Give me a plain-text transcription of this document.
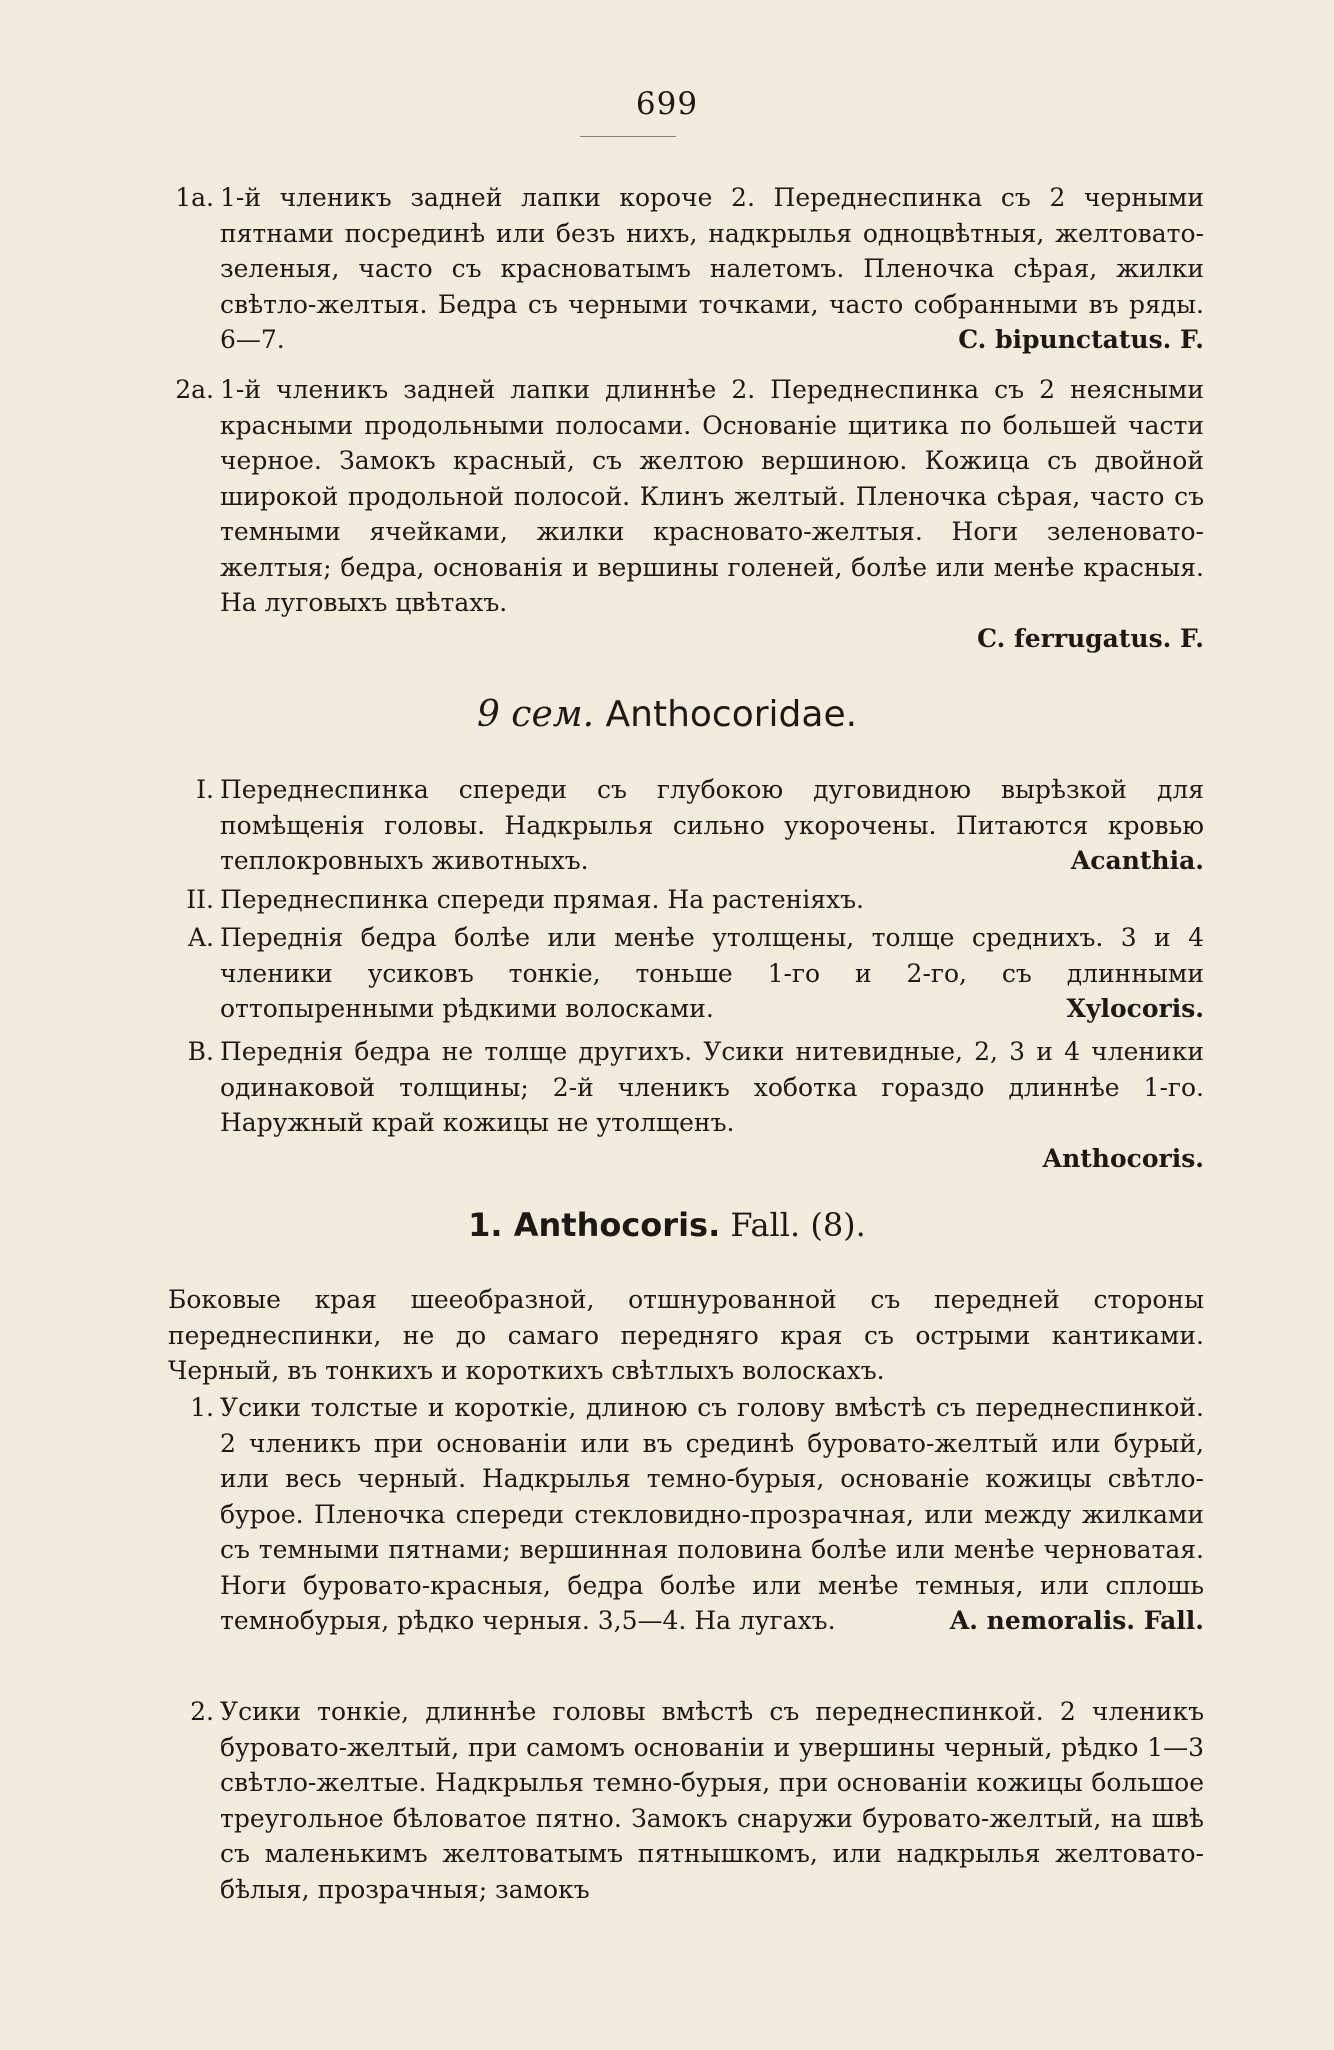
699

1a. 1-й членикъ задней лапки короче 2. Переднеспинка съ 2 черными пятнами посрединѣ или безъ нихъ, надкрылья одноцвѣтныя, желтовато-зеленыя, часто съ красноватымъ налетомъ. Пленочка сѣрая, жилки свѣтло-желтыя. Бедра съ черными точками, часто собранными въ ряды. 6—7.	C. bipunctatus. F.

2a. 1-й членикъ задней лапки длиннѣе 2. Переднеспинка съ 2 неясными красными продольными полосами. Основаніе щитика по большей части черное. Замокъ красный, съ желтою вершиною. Кожица съ двойной широкой продольной полосой. Клинъ желтый. Пленочка сѣрая, часто съ темными ячейками, жилки красновато-желтыя. Ноги зеленовато-желтыя; бедра, основанія и вершины голеней, болѣе или менѣе красныя. На луговыхъ цвѣтахъ.
C. ferrugatus. F.

9 сем. Anthocoridae.

I. Переднеспинка спереди съ глубокою дуговидною вырѣзкой для помѣщенія головы. Надкрылья сильно укорочены. Питаются кровью теплокровныхъ животныхъ.	Acanthia.

II. Переднеспинка спереди прямая. На растеніяхъ.

A. Переднія бедра болѣе или менѣе утолщены, толще среднихъ. 3 и 4 членики усиковъ тонкіе, тоньше 1-го и 2-го, съ длинными оттопыренными рѣдкими волосками.	Xylocoris.

B. Переднія бедра не толще другихъ. Усики нитевидные, 2, 3 и 4 членики одинаковой толщины; 2-й членикъ хоботка гораздо длиннѣе 1-го. Наружный край кожицы не утолщенъ.
Anthocoris.

1. Anthocoris. Fall. (8).

Боковые края шеeобразной, отшнурованной съ передней стороны переднеспинки, не до самаго передняго края съ острыми кантиками. Черный, въ тонкихъ и короткихъ свѣтлыхъ волоскахъ.

1. Усики толстые и короткіе, длиною съ голову вмѣстѣ съ переднеспинкой. 2 членикъ при основаніи или въ срединѣ буровато-желтый или бурый, или весь черный. Надкрылья темно-бурыя, основаніе кожицы свѣтло-бурое. Пленочка спереди стекловидно-прозрачная, или между жилками съ темными пятнами; вершинная половина болѣе или менѣе черноватая. Ноги буровато-красныя, бедра болѣе или менѣе темныя, или сплошь темнобурыя, рѣдко черныя. 3,5—4. На лугахъ.	A. nemoralis. Fall.

2. Усики тонкіе, длиннѣе головы вмѣстѣ съ переднеспинкой. 2 членикъ буровато-желтый, при самомъ основаніи и увершины черный, рѣдко 1—3 свѣтло-желтые. Надкрылья темно-бурыя, при основаніи кожицы большое треугольное бѣловатое пятно. Замокъ снаружи буровато-желтый, на швѣ съ маленькимъ желтоватымъ пятнышкомъ, или надкрылья желтовато-бѣлыя, прозрачныя; замокъ
